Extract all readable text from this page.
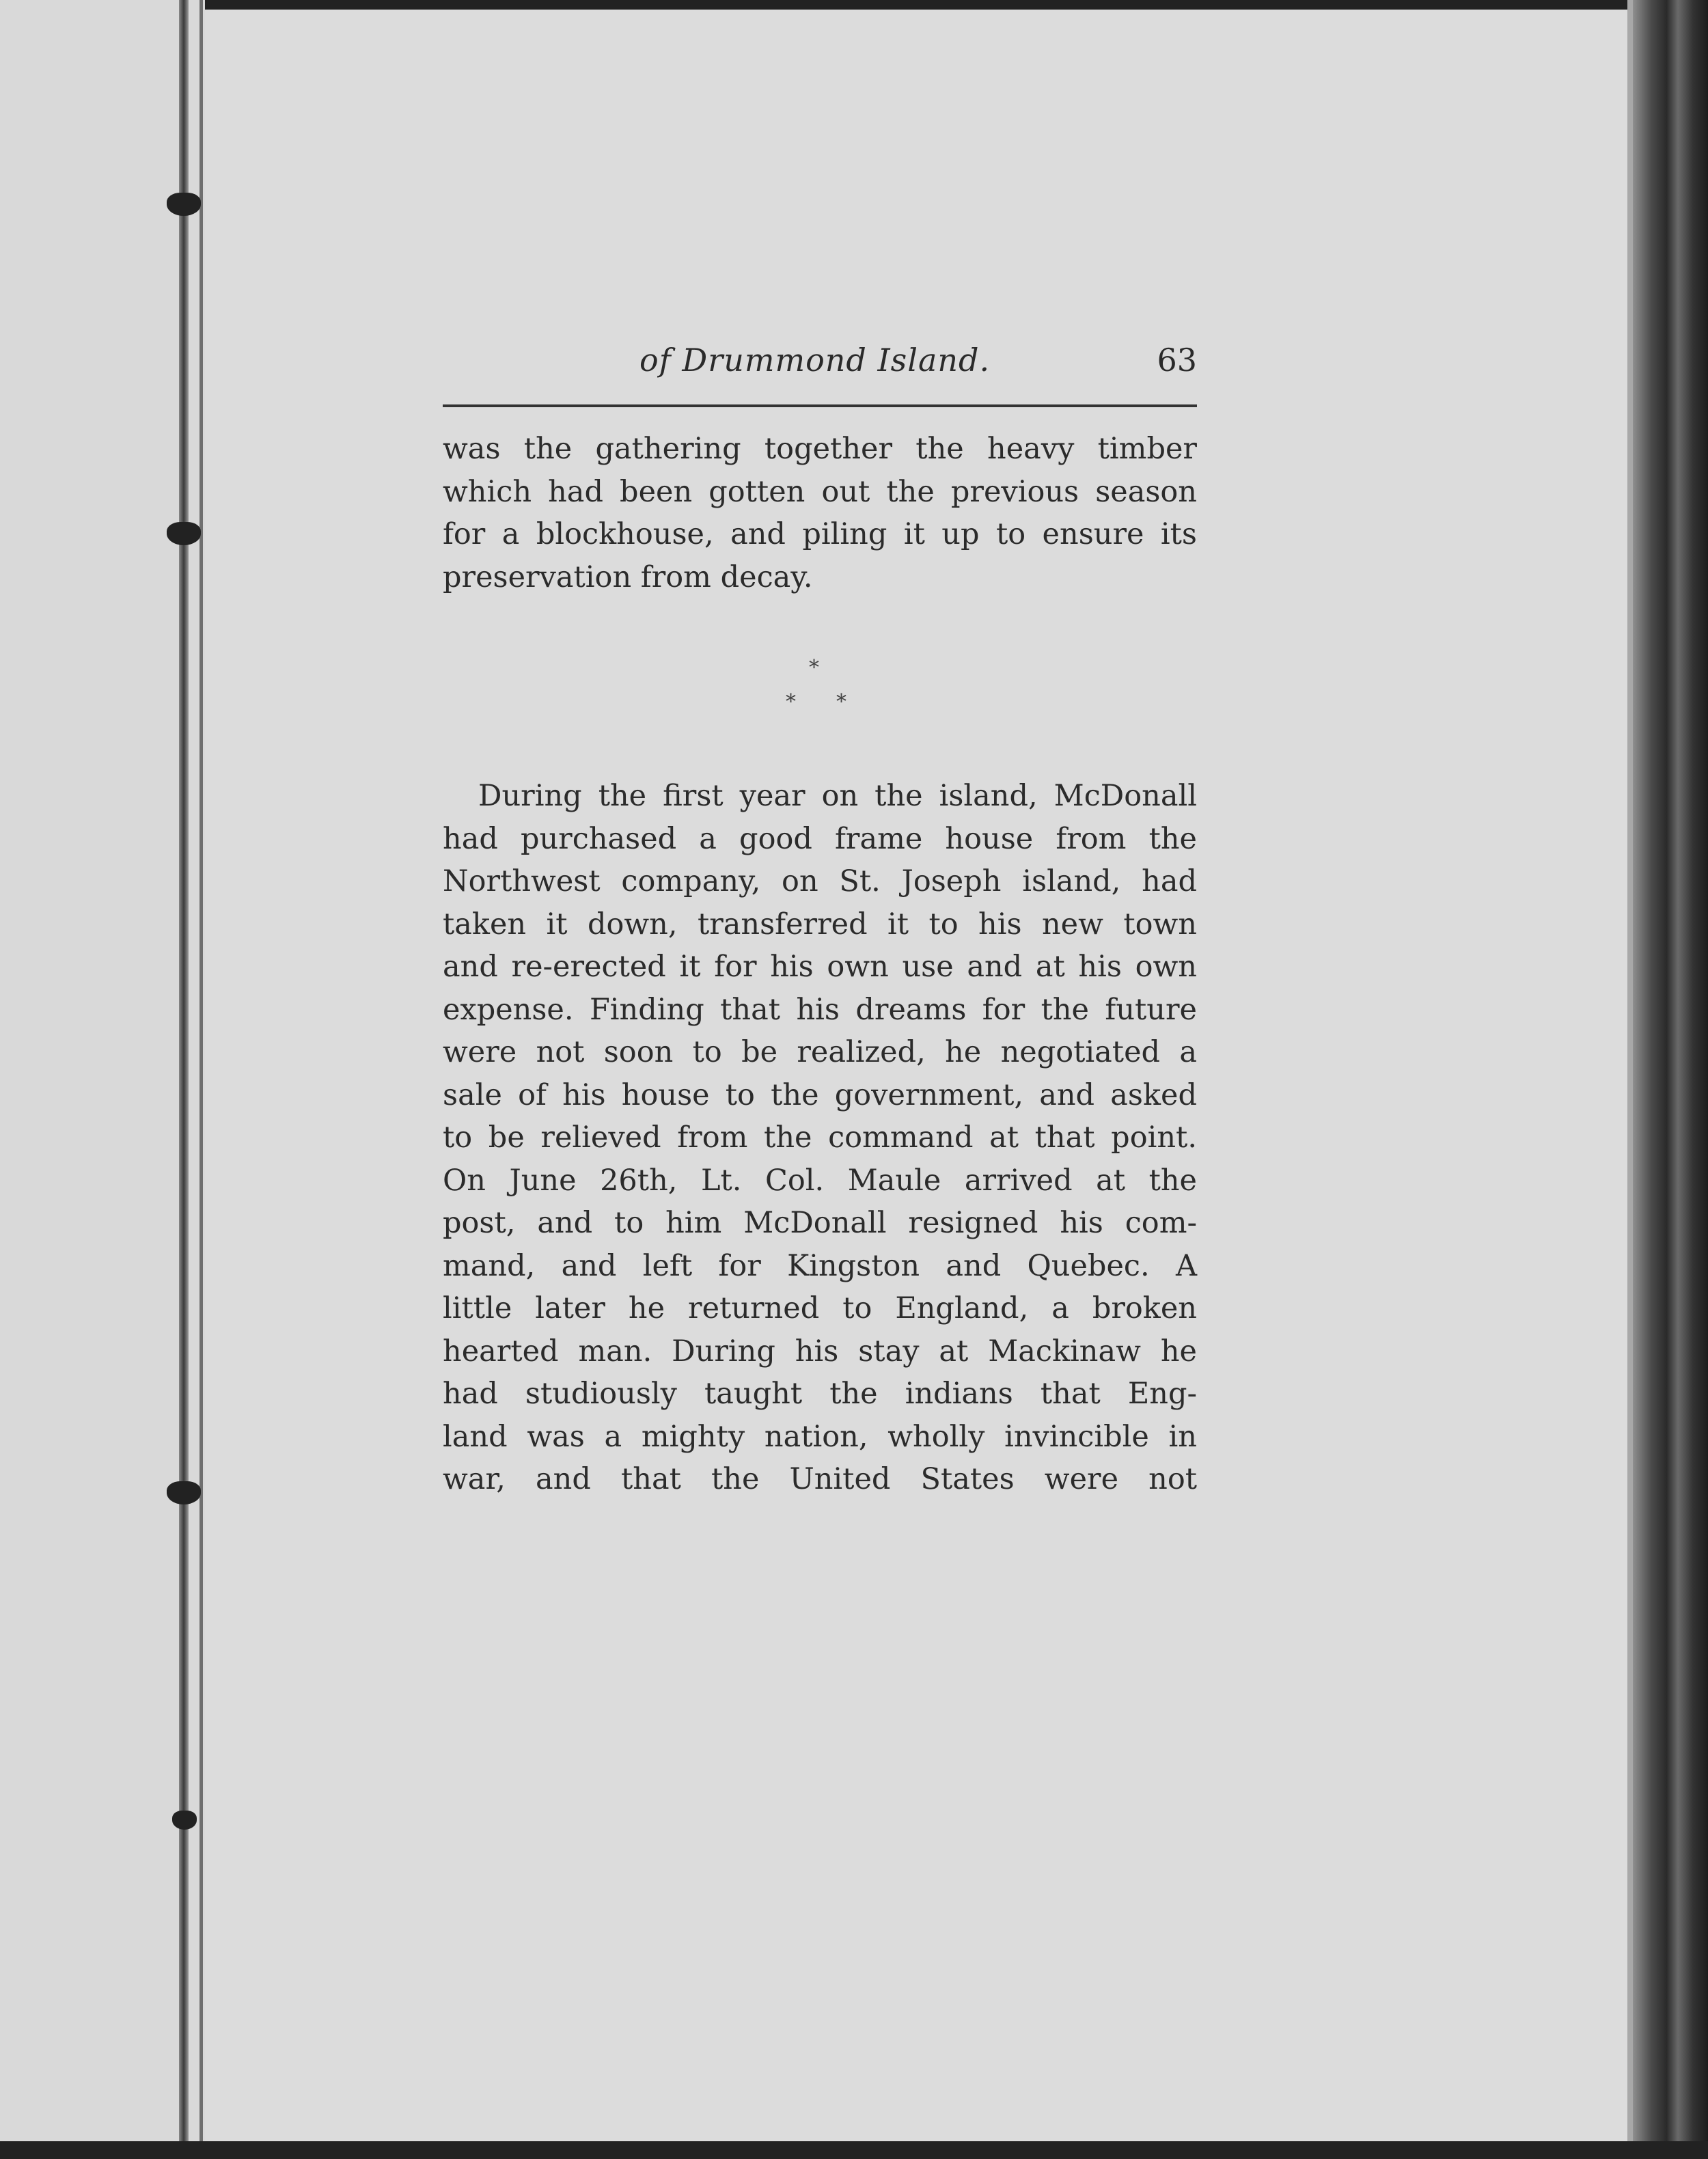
of Drummond Island.	63
was the gathering together the heavy timber
which had been gotten out the previous season
for a blockhouse, and piling it up to ensure its
preservation from decay.
*
* *
During the first year on the island, McDonall
had purchased a good frame house from the
Northwest company, on St. Joseph island, had
taken it down, transferred it to his new town
and re-erected it for his own use and at his own
expense. Finding that his dreams for the future
were not soon to be realized, he negotiated a
sale of his house to the government, and asked
to be relieved from the command at that point.
On June 26th, Lt. Col. Maule arrived at the
post, and to him McDonall resigned his com-
mand, and left for Kingston and Quebec. A
little later he returned to England, a broken
hearted man. During his stay at Mackinaw he
had studiously taught the indians that Eng-
land was a mighty nation, wholly invincible in
war, and that the United States were not
